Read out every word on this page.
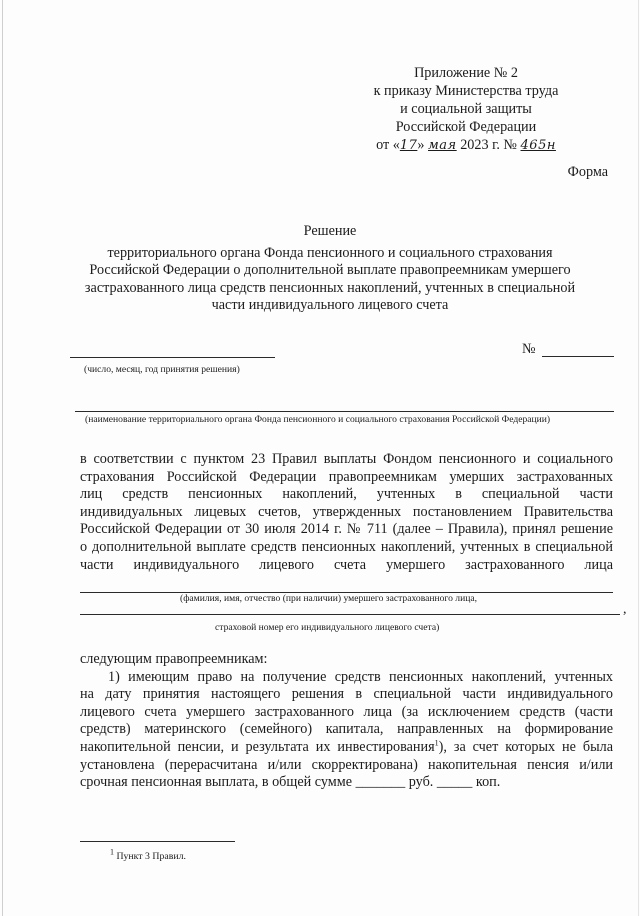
Приложение № 2
к приказу Министерства труда
и социальной защиты
Российской Федерации
от «17» мая 2023 г. № 465н
Форма
Решение
территориального органа Фонда пенсионного и социального страхования
Российской Федерации о дополнительной выплате правопреемникам умершего
застрахованного лица средств пенсионных накоплений, учтенных в специальной
части индивидуального лицевого счета
(число, месяц, год принятия решения)
№
(наименование территориального органа Фонда пенсионного и социального страхования Российской Федерации)
в соответствии с пунктом 23 Правил выплаты Фондом пенсионного и социального
страхования Российской Федерации правопреемникам умерших застрахованных
лиц средств пенсионных накоплений, учтенных в специальной части
индивидуальных лицевых счетов, утвержденных постановлением Правительства
Российской Федерации от 30 июля 2014 г. № 711 (далее – Правила), принял решение
о дополнительной выплате средств пенсионных накоплений, учтенных в специальной
части индивидуального лицевого счета умершего застрахованного лица
(фамилия, имя, отчество (при наличии) умершего застрахованного лица,
,
страховой номер его индивидуального лицевого счета)
следующим правопреемникам:
1) имеющим право на получение средств пенсионных накоплений, учтенных
на дату принятия настоящего решения в специальной части индивидуального
лицевого счета умершего застрахованного лица (за исключением средств (части
средств) материнского (семейного) капитала, направленных на формирование
накопительной пенсии, и результата их инвестирования$^1$), за счет которых не была
установлена (перерасчитана и/или скорректирована) накопительная пенсия и/или
срочная пенсионная выплата, в общей сумме _______ руб. _____ коп.
$^1$ Пункт 3 Правил.
